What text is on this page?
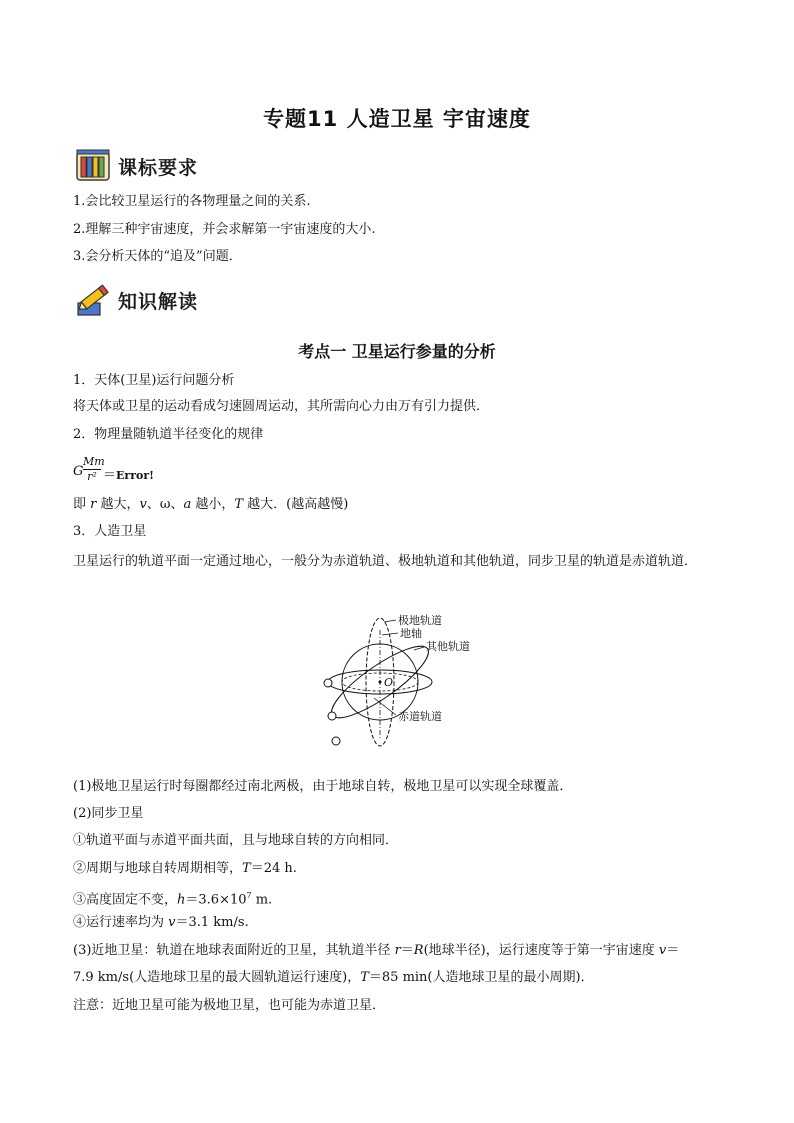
专题11 人造卫星 宇宙速度
课标要求
1.会比较卫星运行的各物理量之间的关系.
2.理解三种宇宙速度，并会求解第一宇宙速度的大小.
3.会分析天体的“追及”问题．
知识解读
考点一 卫星运行参量的分析
1．天体(卫星)运行问题分析
将天体或卫星的运动看成匀速圆周运动，其所需向心力由万有引力提供．
2．物理量随轨道半径变化的规律
G $\frac{Mm}{\text{r²}}$ ＝Error!
即 r 越大，v、ω、a 越小，T 越大．(越高越慢)
3．人造卫星
卫星运行的轨道平面一定通过地心，一般分为赤道轨道、极地轨道和其他轨道，同步卫星的轨道是赤道轨道．
O
极地轨道
地轴
其他轨道
赤道轨道
(1)极地卫星运行时每圈都经过南北两极，由于地球自转，极地卫星可以实现全球覆盖．
(2)同步卫星
①轨道平面与赤道平面共面，且与地球自转的方向相同．
②周期与地球自转周期相等，T＝24 h.
③高度固定不变，$h=3.6\times 10^7$ m.
④运行速率均为 v＝3.1 km/s.
(3)近地卫星：轨道在地球表面附近的卫星，其轨道半径 r＝R(地球半径)，运行速度等于第一宇宙速度 v＝
7.9 km/s(人造地球卫星的最大圆轨道运行速度)，T＝85 min(人造地球卫星的最小周期)．
注意：近地卫星可能为极地卫星，也可能为赤道卫星．
